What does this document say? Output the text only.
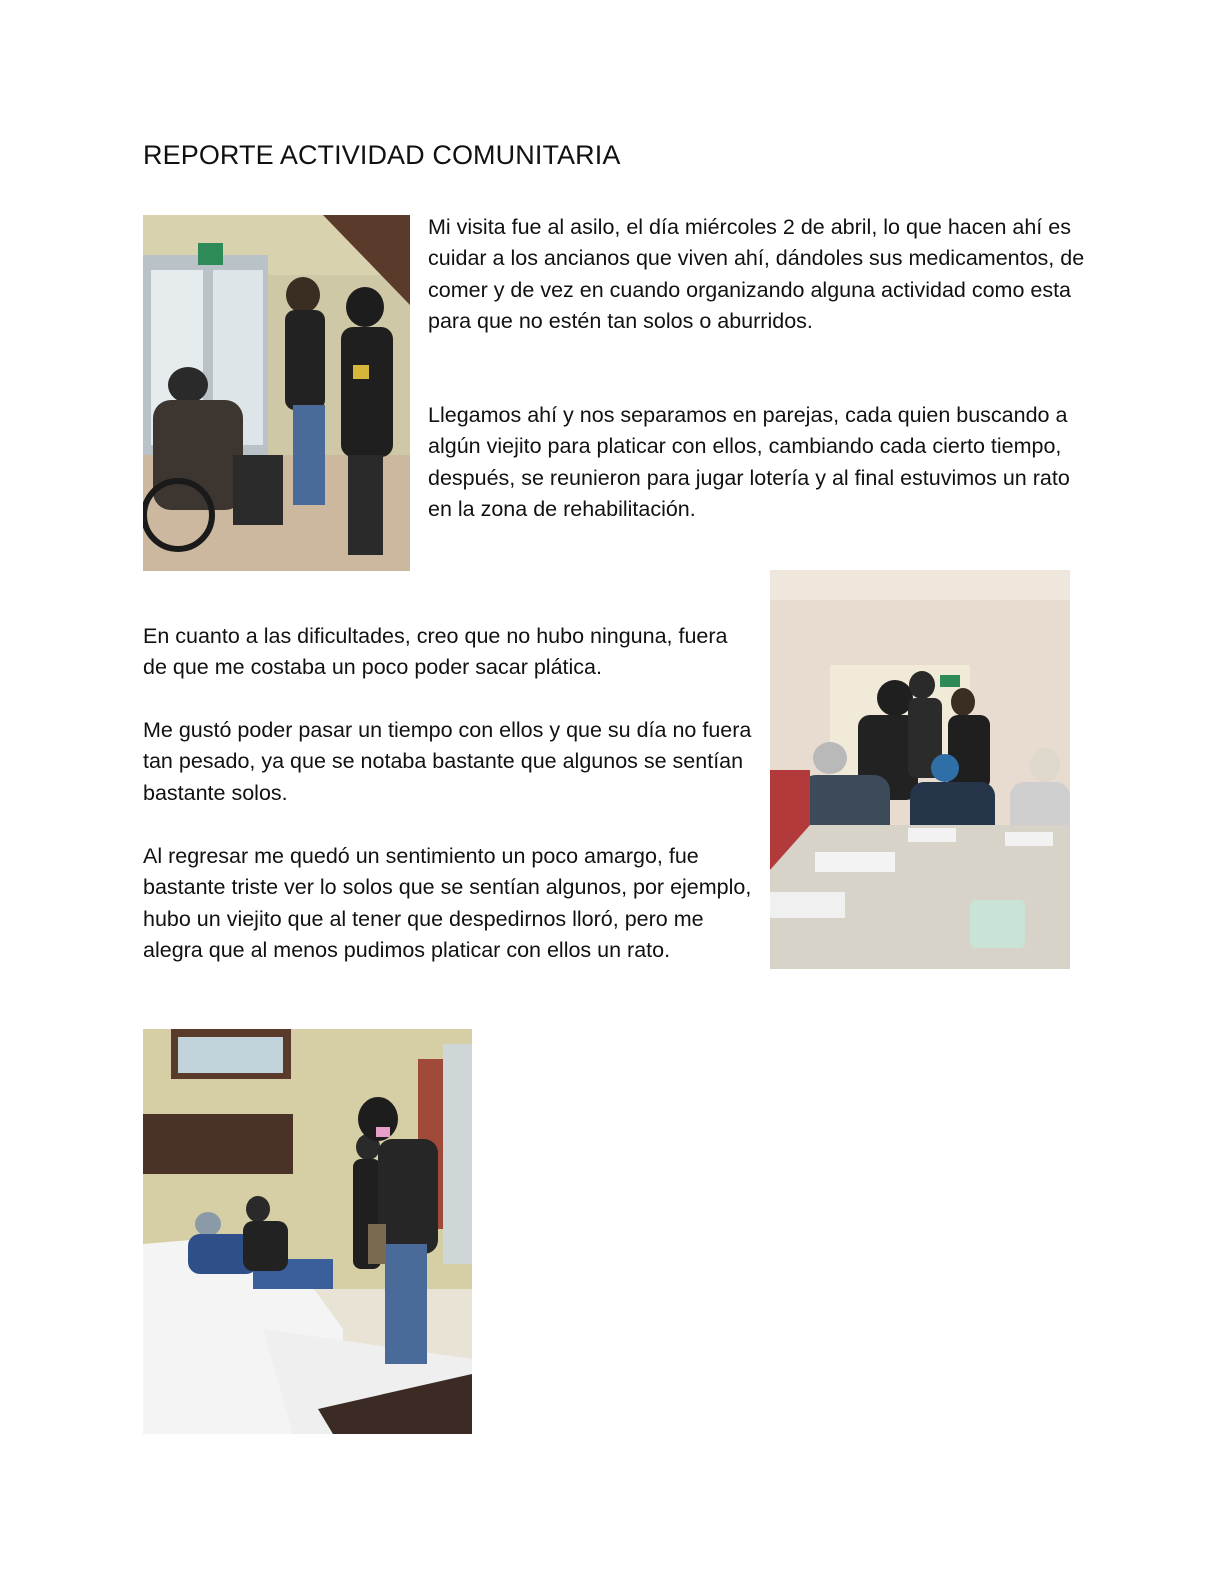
REPORTE ACTIVIDAD COMUNITARIA

Mi visita fue al asilo, el día miércoles 2 de abril, lo que hacen ahí es cuidar a los ancianos que viven ahí, dándoles sus medicamentos, de comer y de vez en cuando organizando alguna actividad como esta para que no estén tan solos o aburridos.

Llegamos ahí y nos separamos en parejas, cada quien buscando a algún viejito para platicar con ellos, cambiando cada cierto tiempo, después, se reunieron para jugar lotería y al final estuvimos un rato en la zona de rehabilitación.

En cuanto a las dificultades, creo que no hubo ninguna, fuera de que me costaba un poco poder sacar plática.

Me gustó poder pasar un tiempo con ellos y que su día no fuera tan pesado, ya que se notaba bastante que algunos se sentían bastante solos.

Al regresar me quedó un sentimiento un poco amargo, fue bastante triste ver lo solos que se sentían algunos, por ejemplo, hubo un viejito que al tener que despedirnos lloró, pero me alegra que al menos pudimos platicar con ellos un rato.
